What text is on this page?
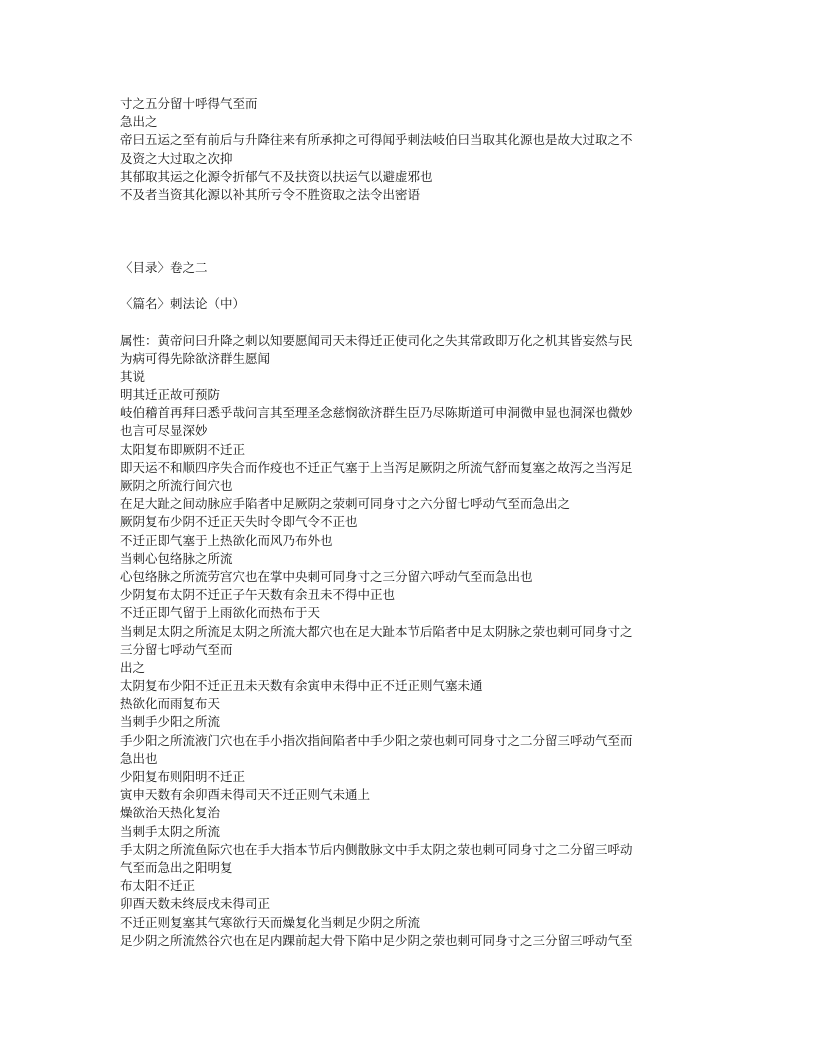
寸之五分留十呼得气至而

急出之

帝曰五运之至有前后与升降往来有所承抑之可得闻乎刺法岐伯曰当取其化源也是故大过取之不

及资之大过取之次抑

其郁取其运之化源令折郁气不及扶资以扶运气以避虚邪也

不及者当资其化源以补其所亏令不胜资取之法令出密语

〈目录〉卷之二

〈篇名〉刺法论（中）

属性：黄帝问曰升降之刺以知要愿闻司天未得迁正使司化之失其常政即万化之机其皆妄然与民

为病可得先除欲济群生愿闻

其说

明其迁正故可预防

岐伯稽首再拜曰悉乎哉问言其至理圣念慈悯欲济群生臣乃尽陈斯道可申洞微申显也洞深也微妙

也言可尽显深妙

太阳复布即厥阴不迁正

即天运不和顺四序失合而作疫也不迁正气塞于上当泻足厥阴之所流气舒而复塞之故泻之当泻足

厥阴之所流行间穴也

在足大趾之间动脉应手陷者中足厥阴之荥刺可同身寸之六分留七呼动气至而急出之

厥阴复布少阴不迁正天失时令即气令不正也

不迁正即气塞于上热欲化而风乃布外也

当刺心包络脉之所流

心包络脉之所流劳宫穴也在掌中央刺可同身寸之三分留六呼动气至而急出也

少阴复布太阴不迁正子午天数有余丑未不得中正也

不迁正即气留于上雨欲化而热布于天

当刺足太阴之所流足太阴之所流大都穴也在足大趾本节后陷者中足太阴脉之荥也刺可同身寸之

三分留七呼动气至而

出之

太阴复布少阳不迁正丑未天数有余寅申未得中正不迁正则气塞未通

热欲化而雨复布天

当刺手少阳之所流

手少阳之所流液门穴也在手小指次指间陷者中手少阳之荥也刺可同身寸之二分留三呼动气至而

急出也

少阳复布则阳明不迁正

寅申天数有余卯酉未得司天不迁正则气未通上

燥欲治天热化复治

当刺手太阴之所流

手太阴之所流鱼际穴也在手大指本节后内侧散脉文中手太阴之荥也刺可同身寸之二分留三呼动

气至而急出之阳明复

布太阳不迁正

卯酉天数未终辰戌未得司正

不迁正则复塞其气寒欲行天而燥复化当刺足少阴之所流

足少阴之所流然谷穴也在足内踝前起大骨下陷中足少阴之荥也刺可同身寸之三分留三呼动气至
